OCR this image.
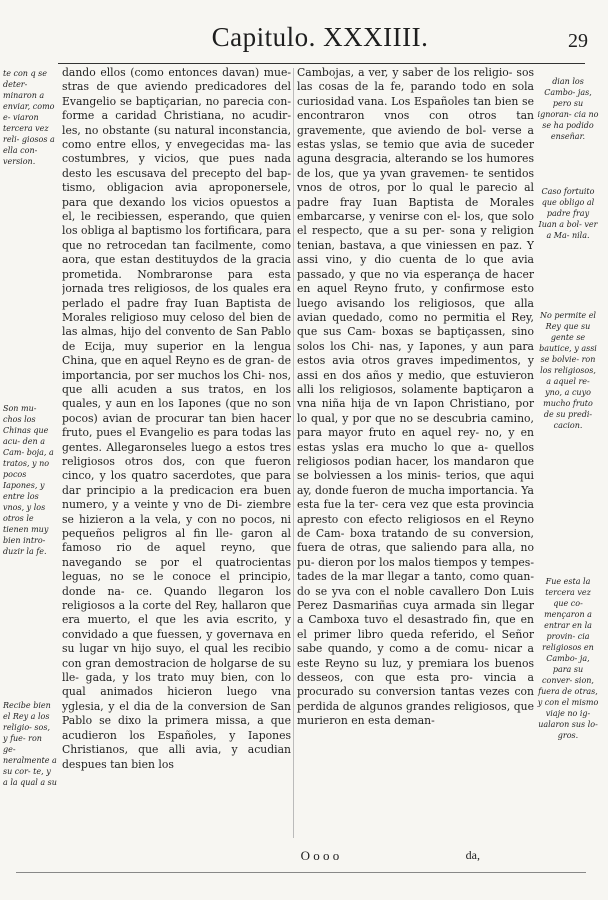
Capitulo. XXXIIII.	29
te con q se deter- minaron a enviar, como e- viaron tercera vez reli- giosos a ella con- version.
Son mu- chos los Chinas que acu- den a Cam- boja, a tratos, y no pocos Iapones, y entre los vnos, y los otros le tienen muy bien intro- duzir la fe.
Recibe bien el Rey a los religio- sos, y fue- ron ge- neralmente a su cor- te, y a la qual a su

dando ellos (como entonces davan) mue- stras de que aviendo predicadores del Evangelio se baptiçarian, no parecia con- forme a caridad Christiana, no acudir- les, no obstante (su natural inconstancia, como entre ellos, y envegecidas ma- las costumbres, y vicios, que pues nada desto les escusava del precepto del bap- tismo, obligacion avia aproponersele, para que dexando los vicios opuestos a el, le recibiessen, esperando, que quien los obliga al baptismo los fortificara, para que no retrocedan tan facilmente, como aora, que estan destituydos de la gracia prometida. Nombraronse para esta jornada tres religiosos, de los quales era perlado el padre fray Iuan Baptista de Morales religioso muy celoso del bien de las almas, hijo del convento de San Pablo de Ecija, muy superior en la lengua China, que en aquel Reyno es de gran- de importancia, por ser muchos los Chi- nos, que alli acuden a sus tratos, en los quales, y aun en los Iapones (que no son pocos) avian de procurar tan bien hacer fruto, pues el Evangelio es para todas las gentes. Allegaronseles luego a estos tres religiosos otros dos, con que fueron cinco, y los quatro sacerdotes, que para dar principio a la predicacion era buen numero, y a veinte y vno de Di- ziembre se hizieron a la vela, y con no pocos, ni pequeños peligros al fin lle- garon al famoso rio de aquel reyno, que navegando se por el quatrocientas leguas, no se le conoce el principio, donde na- ce. Quando llegaron los religiosos a la corte del Rey, hallaron que era muerto, el que les avia escrito, y convidado a que fuessen, y governava en su lugar vn hijo suyo, el qual les recibio con gran demostracion de holgarse de su lle- gada, y los trato muy bien, con lo qual animados hicieron luego vna yglesia, y el dia de la conversion de San Pablo se dixo la primera missa, a que acudieron los Españoles, y Iapones Christianos, que alli avia, y acudian despues tan bien los

Cambojas, a ver, y saber de los religio- sos las cosas de la fe, parando todo en sola curiosidad vana. Los Españoles tan bien se encontraron vnos con otros tan gravemente, que aviendo de bol- verse a estas yslas, se temio que avia de suceder aguna desgracia, alterando se los humores de los, que ya yvan gravemen- te sentidos vnos de otros, por lo qual le parecio al padre fray Iuan Baptista de Morales embarcarse, y venirse con el- los, que solo el respecto, que a su per- sona y religion tenian, bastava, a que viniessen en paz. Y assi vino, y dio cuenta de lo que avia passado, y que no via esperança de hacer en aquel Reyno fruto, y confirmose esto luego avisando los religiosos, que alla avian quedado, como no permitia el Rey, que sus Cam- boxas se baptiçassen, sino solos los Chi- nas, y Iapones, y aun para estos avia otros graves impedimentos, y assi en dos años y medio, que estuvieron alli los religiosos, solamente baptiçaron a vna niña hija de vn Iapon Christiano, por lo qual, y por que no se descubria camino, para mayor fruto en aquel rey- no, y en estas yslas era mucho lo que a- quellos religiosos podian hacer, los mandaron que se bolviessen a los minis- terios, que aqui ay, donde fueron de mucha importancia. Ya esta fue la ter- cera vez que esta provincia apresto con efecto religiosos en el Reyno de Cam- boxa tratando de su conversion, fuera de otras, que saliendo para alla, no pu- dieron por los malos tiempos y tempes- tades de la mar llegar a tanto, como quan- do se yva con el noble cavallero Don Luis Perez Dasmariñas cuya armada sin llegar a Camboxa tuvo el desastrado fin, que en el primer libro queda referido, el Señor sabe quando, y como a de comu- nicar a este Reyno su luz, y premiara los buenos desseos, con que esta pro- vincia a procurado su conversion tantas vezes con perdida de algunos grandes religiosos, que murieron en esta deman-

dian los Cambo- jas, pero su ignoran- cia no se ha podido enseñar.
Caso fortuito que obligo al padre fray Iuan a bol- ver a Ma- nila.
No permite el Rey que su gente se bautice, y assi se bolvie- ron los religiosos, a aquel re- yno, a cuyo mucho fruto de su predi- cacion.
Fue esta la tercera vez que co- mençaron a entrar en la provin- cia religiosos en Cambo- ja, para su conver- sion, fuera de otras, y con el mismo viaje no ig- ualaron sus lo- gros.
O o o o	da,
